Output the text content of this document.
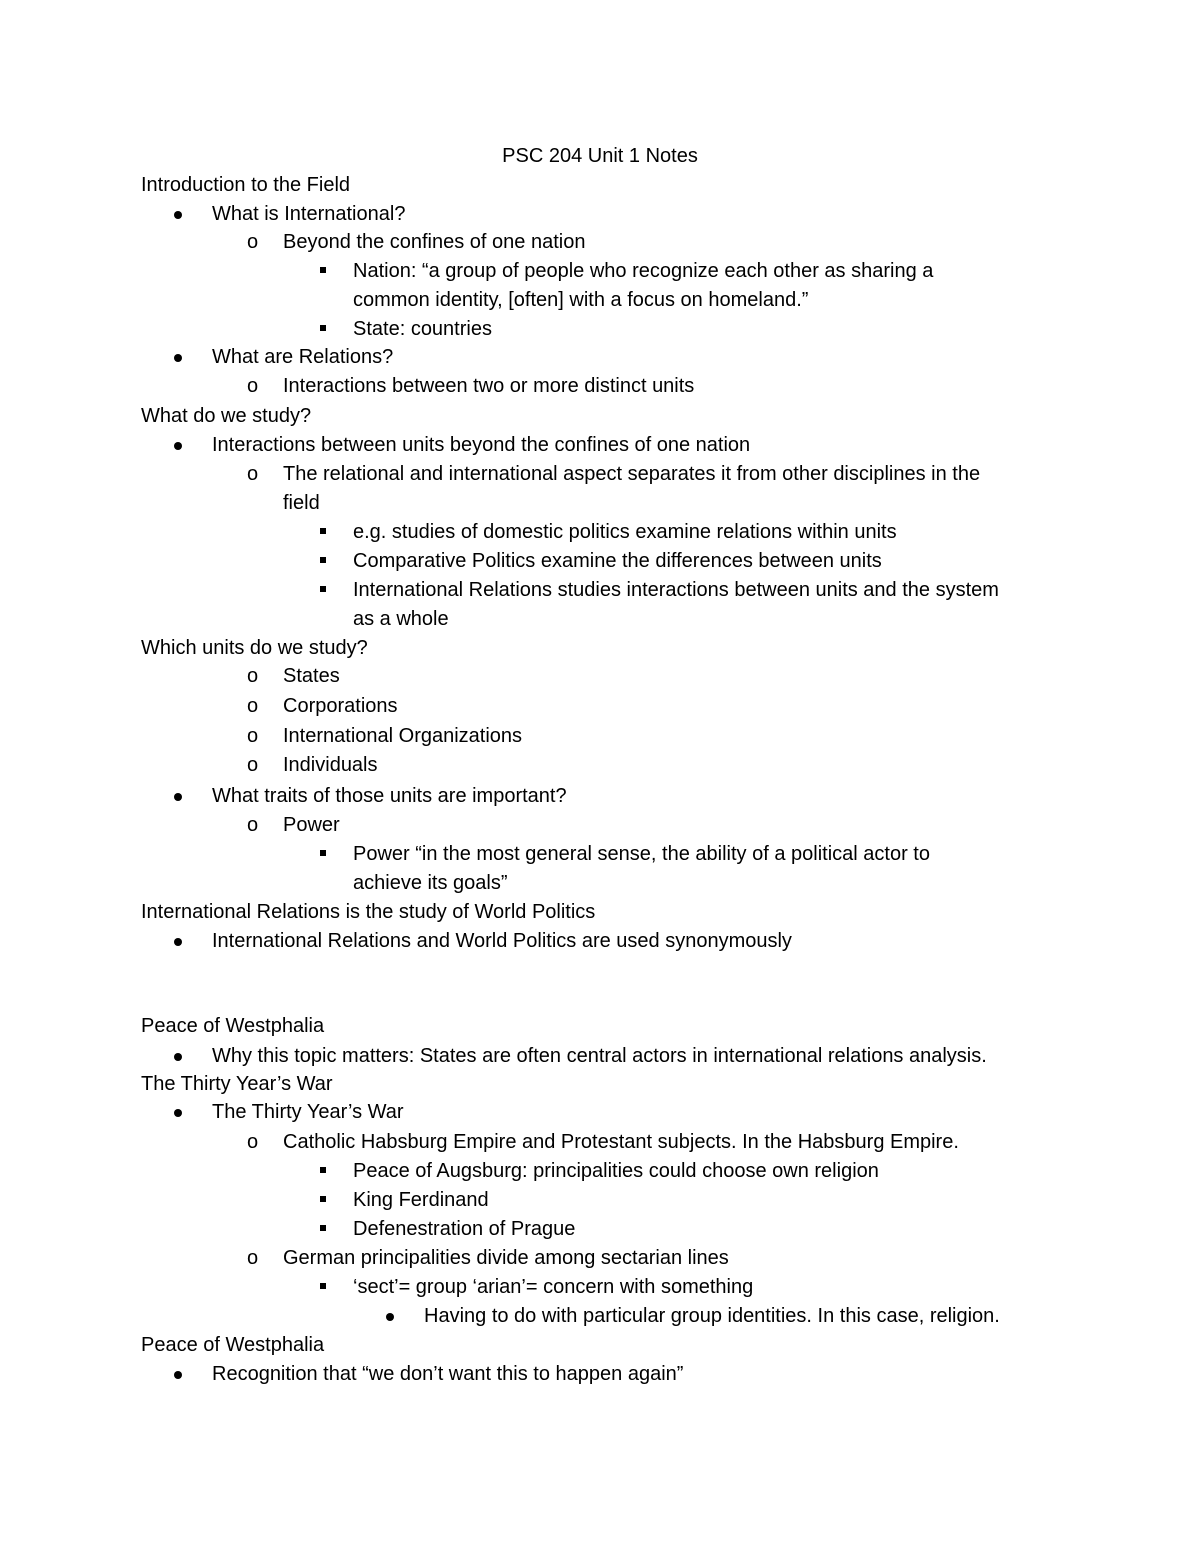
PSC 204 Unit 1 Notes
Introduction to the Field
What is International?
o Beyond the confines of one nation
Nation: “a group of people who recognize each other as sharing a
common identity, [often] with a focus on homeland.”
State: countries
What are Relations?
o Interactions between two or more distinct units
What do we study?
Interactions between units beyond the confines of one nation
o The relational and international aspect separates it from other disciplines in the
field
e.g. studies of domestic politics examine relations within units
Comparative Politics examine the differences between units
International Relations studies interactions between units and the system
as a whole
Which units do we study?
o States
o Corporations
o International Organizations
o Individuals
What traits of those units are important?
o Power
Power “in the most general sense, the ability of a political actor to
achieve its goals”
International Relations is the study of World Politics
International Relations and World Politics are used synonymously
Peace of Westphalia
Why this topic matters: States are often central actors in international relations analysis.
The Thirty Year’s War
The Thirty Year’s War
o Catholic Habsburg Empire and Protestant subjects. In the Habsburg Empire.
Peace of Augsburg: principalities could choose own religion
King Ferdinand
Defenestration of Prague
o German principalities divide among sectarian lines
‘sect’= group ‘arian’= concern with something
Having to do with particular group identities. In this case, religion.
Peace of Westphalia
Recognition that “we don’t want this to happen again”
